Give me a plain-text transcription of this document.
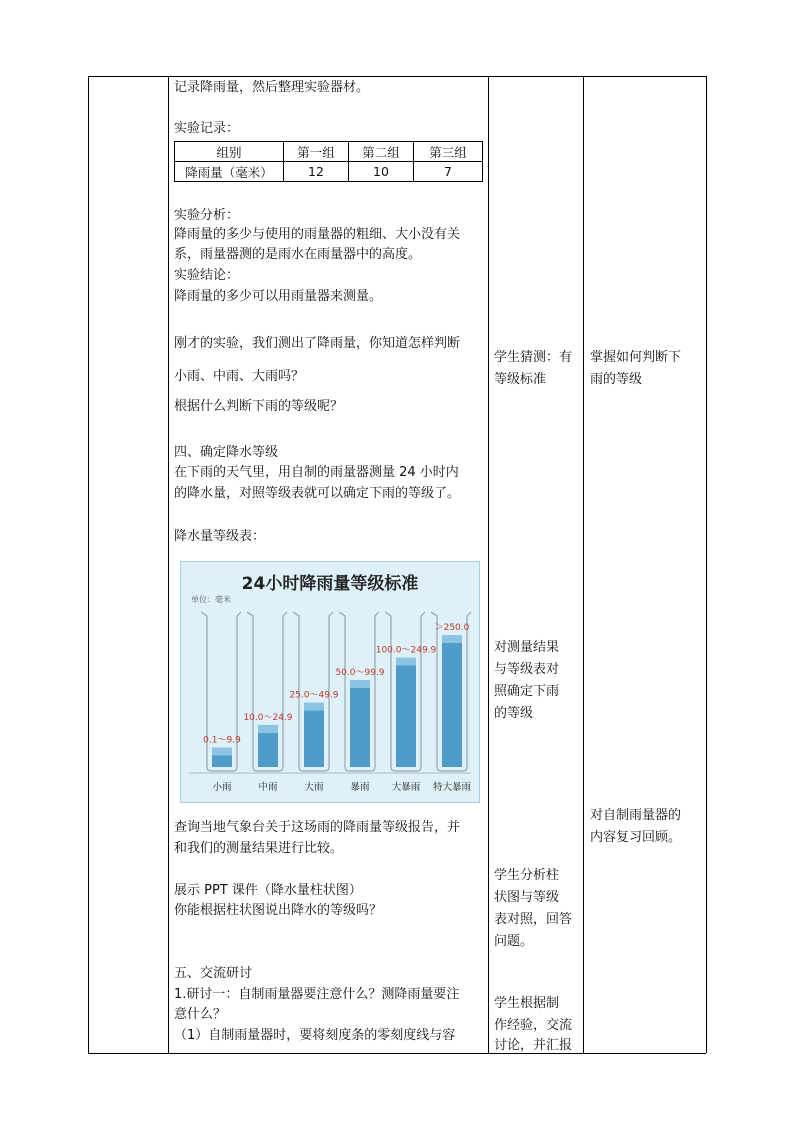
记录降雨量，然后整理实验器材。
实验记录：
组别	第一组	第二组	第三组
降雨量（毫米）	12	10	7
实验分析：
降雨量的多少与使用的雨量器的粗细、大小没有关
系，雨量器测的是雨水在雨量器中的高度。
实验结论：
降雨量的多少可以用雨量器来测量。
刚才的实验，我们测出了降雨量，你知道怎样判断
小雨、中雨、大雨吗？
根据什么判断下雨的等级呢？
四、确定降水等级
在下雨的天气里，用自制的雨量器测量 24 小时内
的降水量，对照等级表就可以确定下雨的等级了。
降水量等级表：
24小时降雨量等级标准
单位：毫米
0.1～9.9
小雨
10.0～24.9
中雨
25.0～49.9
大雨
50.0～99.9
暴雨
100.0～249.9
大暴雨
＞250.0
特大暴雨
查询当地气象台关于这场雨的降雨量等级报告，并
和我们的测量结果进行比较。
展示 PPT 课件（降水量柱状图）
你能根据柱状图说出降水的等级吗？
五、交流研讨
1.研讨一：自制雨量器要注意什么？测降雨量要注
意什么？
（1）自制雨量器时，要将刻度条的零刻度线与容
学生猜测：有
等级标准
对测量结果
与等级表对
照确定下雨
的等级
学生分析柱
状图与等级
表对照，回答
问题。
学生根据制
作经验，交流
讨论，并汇报
掌握如何判断下
雨的等级
对自制雨量器的
内容复习回顾。
